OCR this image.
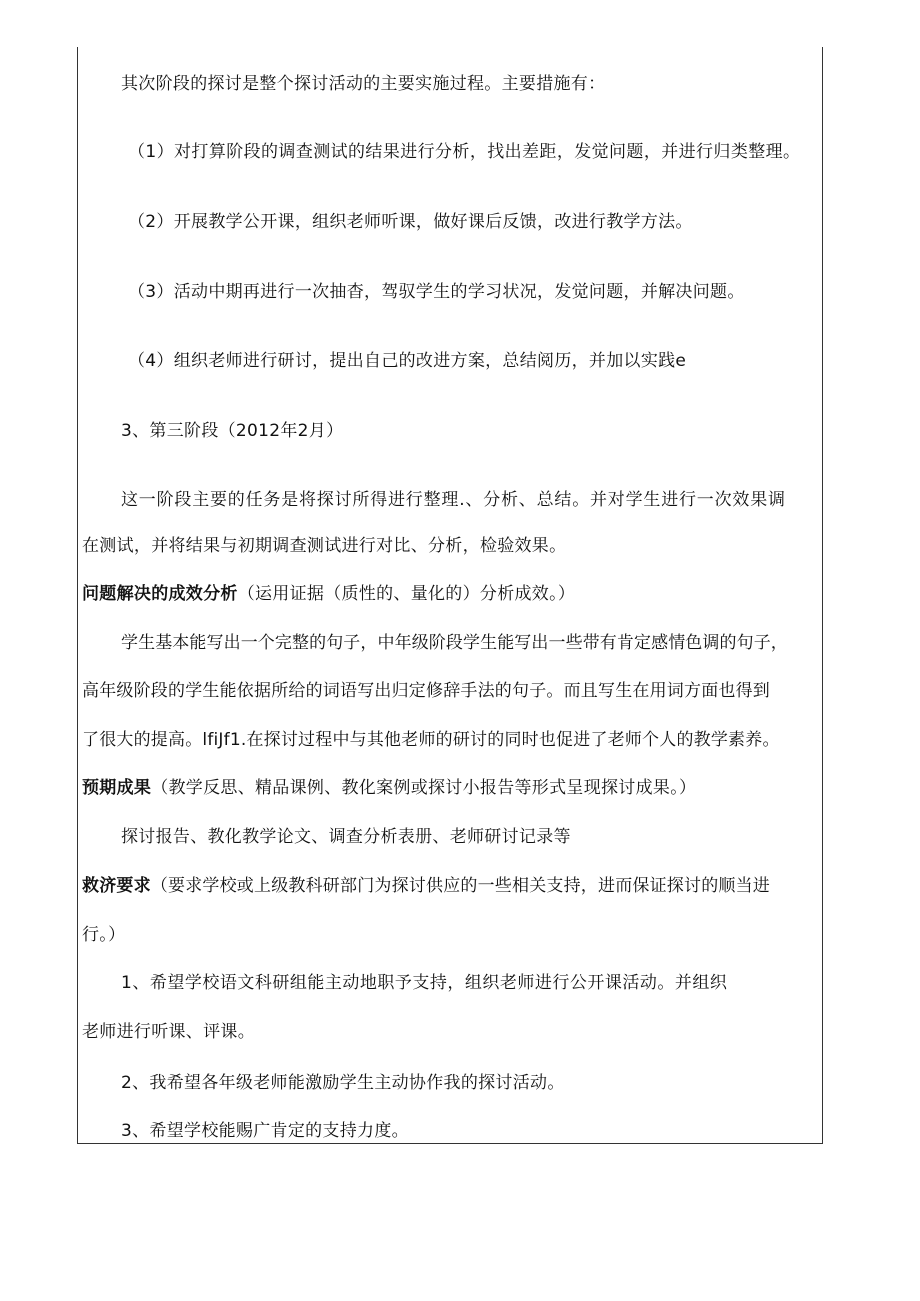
其次阶段的探讨是整个探讨活动的主要实施过程。主要措施有：
（1）对打算阶段的调查测试的结果进行分析，找出差距，发觉问题，并进行归类整理。
（2）开展教学公开课，组织老师听课，做好课后反馈，改进行教学方法。
（3）活动中期再进行一次抽杳，驾驭学生的学习状况，发觉问题，并解决问题。
（4）组织老师进行研讨，提出自己的改进方案，总结阅历，并加以实践e
3、第三阶段（2012年2月）
这一阶段主要的任务是将探讨所得进行整理.、分析、总结。并对学生进行一次效果调
在测试，并将结果与初期调查测试进行对比、分析，检验效果。
问题解决的成效分析（运用证据（质性的、量化的）分析成效。）
学生基本能写出一个完整的句子，中年级阶段学生能写出一些带有肯定感情色调的句子，
高年级阶段的学生能依据所给的词语写出归定修辞手法的句子。而且写生在用词方面也得到
了很大的提高。lfiJf1.在探讨过程中与其他老师的研讨的同时也促进了老师个人的教学素养。
预期成果（教学反思、精品课例、教化案例或探讨小报告等形式呈现探讨成果。）
探讨报告、教化教学论文、调查分析表册、老师研讨记录等
救济要求（要求学校或上级教科研部门为探讨供应的一些相关支持，进而保证探讨的顺当进
行。）
1、希望学校语文科研组能主动地职予支持，组织老师进行公开课活动。并组织
老师进行听课、评课。
2、我希望各年级老师能激励学生主动协作我的探讨活动。
3、希望学校能赐广肯定的支持力度。
